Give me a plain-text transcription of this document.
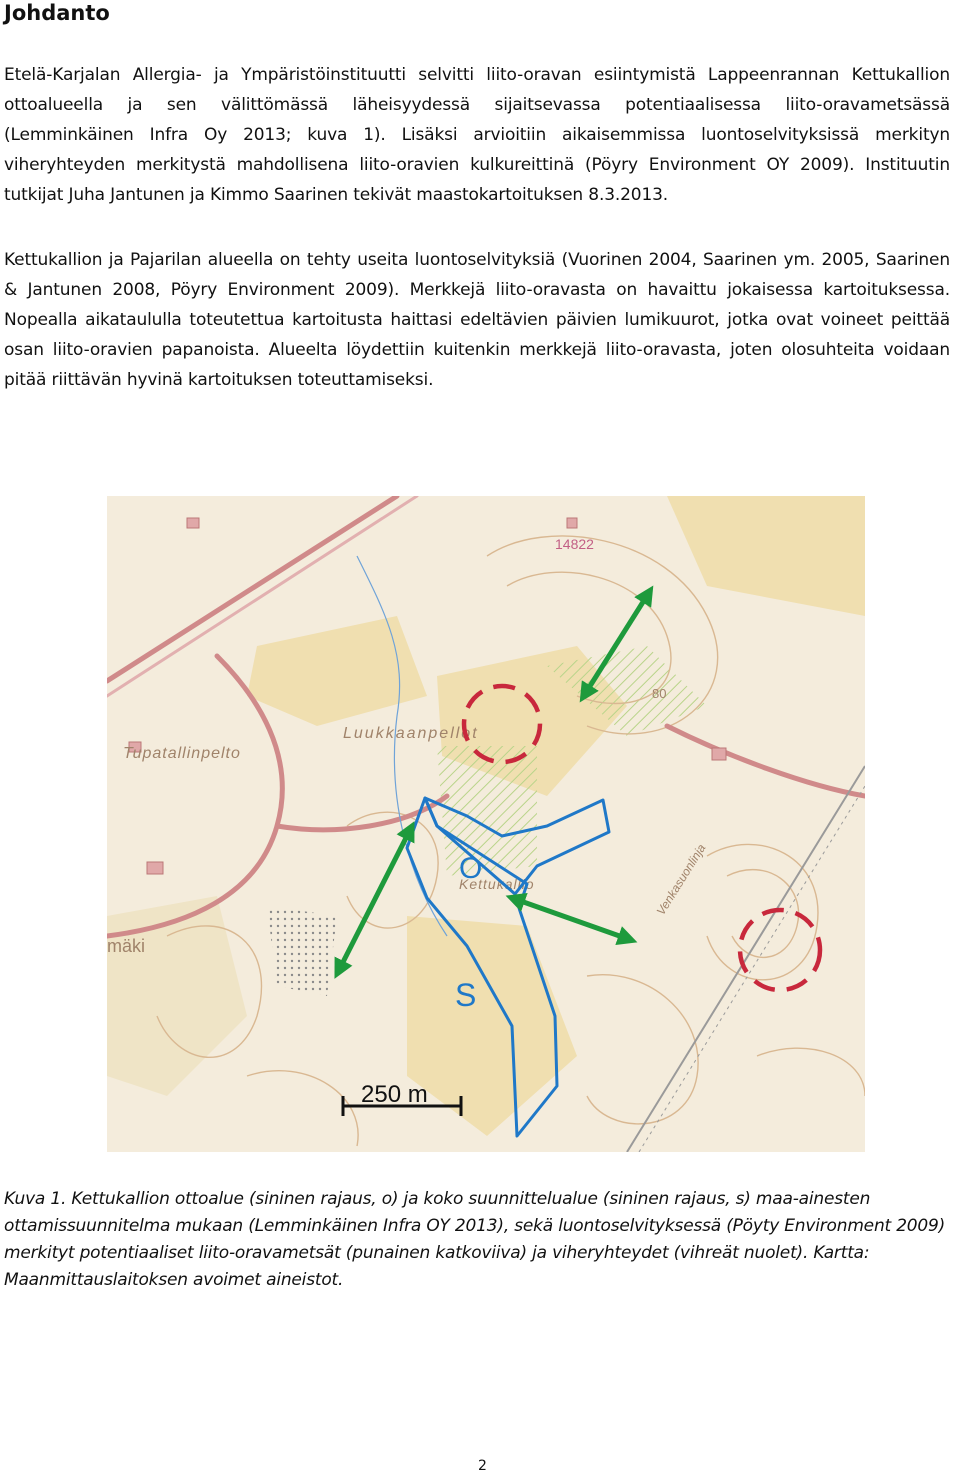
Johdanto

Etelä-Karjalan Allergia- ja Ympäristöinstituutti selvitti liito-oravan esiintymistä Lappeenrannan Kettukallion ottoalueella ja sen välittömässä läheisyydessä sijaitsevassa potentiaalisessa liito-oravametsässä (Lemminkäinen Infra Oy 2013; kuva 1). Lisäksi arvioitiin aikaisemmissa luontoselvityksissä merkityn viheryhteyden merkitystä mahdollisena liito-oravien kulkureittinä (Pöyry Environment OY 2009). Instituutin tutkijat Juha Jantunen ja Kimmo Saarinen tekivät maastokartoituksen 8.3.2013.

Kettukallion ja Pajarilan alueella on tehty useita luontoselvityksiä (Vuorinen 2004, Saarinen ym. 2005, Saarinen & Jantunen 2008, Pöyry Environment 2009). Merkkejä liito-oravasta on havaittu jokaisessa kartoituksessa. Nopealla aikataululla toteutettua kartoitusta haittasi edeltävien päivien lumikuurot, jotka ovat voineet peittää osan liito-oravien papanoista. Alueelta löydettiin kuitenkin merkkejä liito-oravasta, joten olosuhteita voidaan pitää riittävän hyvinä kartoituksen toteuttamiseksi.

14822
Luukkaanpellot
Tupatallinpelto
Kettukallio	Venkasuonlinja
mäki
80
O
S
250 m

Kuva 1. Kettukallion ottoalue (sininen rajaus, o) ja koko suunnittelualue (sininen rajaus, s) maa-ainesten ottamissuunnitelma mukaan (Lemminkäinen Infra OY 2013), sekä luontoselvityksessä (Pöyty Environment 2009) merkityt potentiaaliset liito-oravametsät (punainen katkoviiva) ja viheryhteydet (vihreät nuolet). Kartta: Maanmittauslaitoksen avoimet aineistot.

2
